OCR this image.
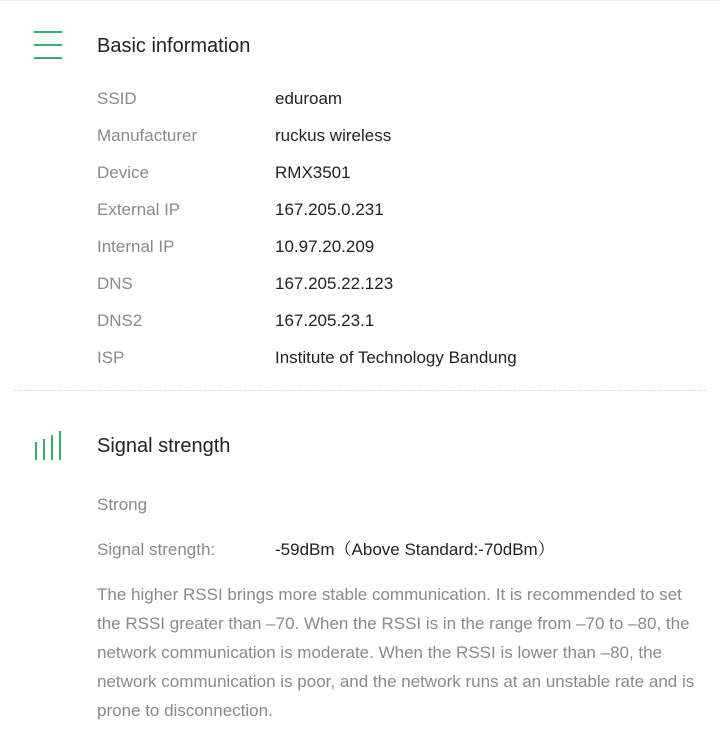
Basic information
SSID	eduroam
Manufacturer	ruckus wireless
Device	RMX3501
External IP	167.205.0.231
Internal IP	10.97.20.209
DNS	167.205.22.123
DNS2	167.205.23.1
ISP	Institute of Technology Bandung
Signal strength
Strong
Signal strength:	-59dBm（Above Standard:-70dBm）

The higher RSSI brings more stable communication. It is recommended to set the RSSI greater than –70. When the RSSI is in the range from –70 to –80, the network communication is moderate. When the RSSI is lower than –80, the network communication is poor, and the network runs at an unstable rate and is prone to disconnection.
